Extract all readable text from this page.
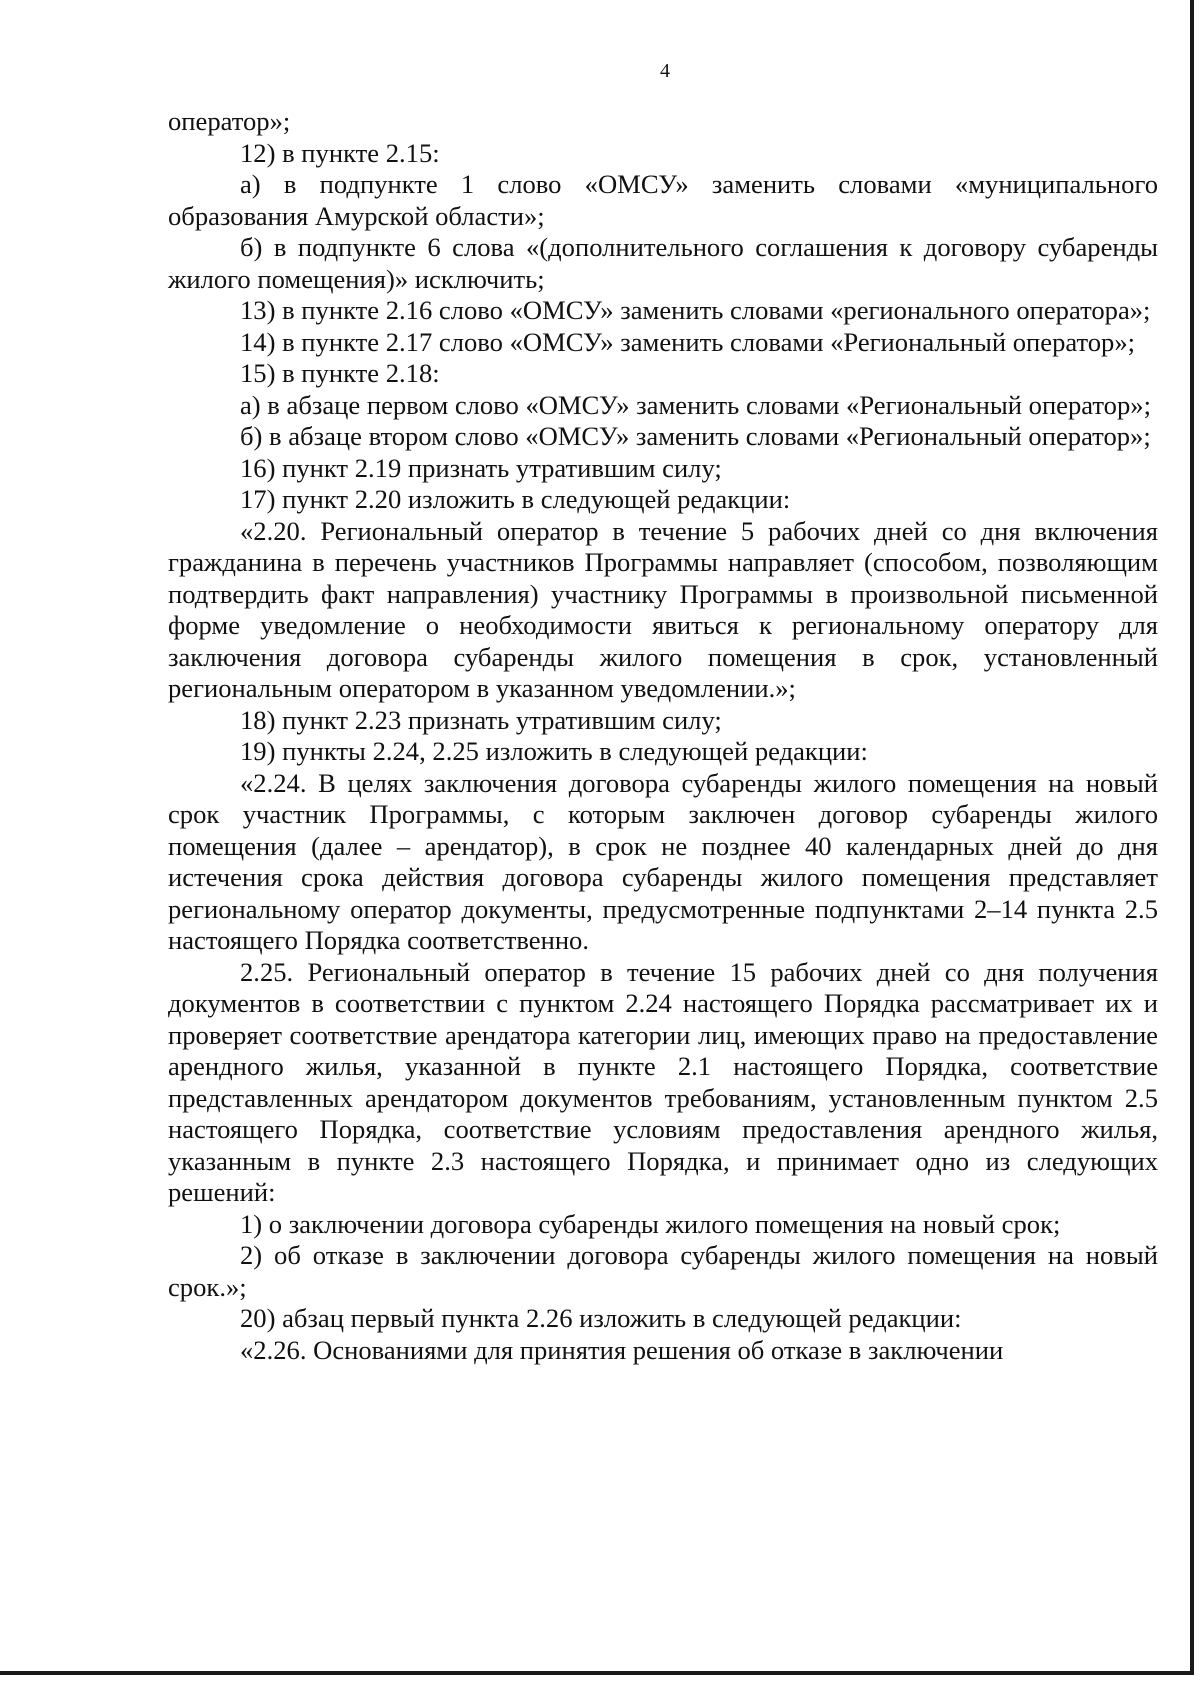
4

оператор»;

12) в пункте 2.15:

а) в подпункте 1 слово «ОМСУ» заменить словами «муниципального образования Амурской области»;

б) в подпункте 6 слова «(дополнительного соглашения к договору субаренды жилого помещения)» исключить;

13) в пункте 2.16 слово «ОМСУ» заменить словами «регионального оператора»;

14) в пункте 2.17 слово «ОМСУ» заменить словами «Региональный оператор»;

15) в пункте 2.18:

а) в абзаце первом слово «ОМСУ» заменить словами «Региональный оператор»;

б) в абзаце втором слово «ОМСУ» заменить словами «Региональный оператор»;

16) пункт 2.19 признать утратившим силу;

17) пункт 2.20 изложить в следующей редакции:

«2.20. Региональный оператор в течение 5 рабочих дней со дня включения гражданина в перечень участников Программы направляет (способом, позволяющим подтвердить факт направления) участнику Программы в произвольной письменной форме уведомление о необходимости явиться к региональному оператору для заключения договора субаренды жилого помещения в срок, установленный региональным оператором в указанном уведомлении.»;

18) пункт 2.23 признать утратившим силу;

19) пункты 2.24, 2.25 изложить в следующей редакции:

«2.24. В целях заключения договора субаренды жилого помещения на новый срок участник Программы, с которым заключен договор субаренды жилого помещения (далее – арендатор), в срок не позднее 40 календарных дней до дня истечения срока действия договора субаренды жилого помещения представляет региональному оператор документы, предусмотренные подпунктами 2–14 пункта 2.5 настоящего Порядка соответственно.

2.25. Региональный оператор в течение 15 рабочих дней со дня получения документов в соответствии с пунктом 2.24 настоящего Порядка рассматривает их и проверяет соответствие арендатора категории лиц, имеющих право на предоставление арендного жилья, указанной в пункте 2.1 настоящего Порядка, соответствие представленных арендатором документов требованиям, установленным пунктом 2.5 настоящего Порядка, соответствие условиям предоставления арендного жилья, указанным в пункте 2.3 настоящего Порядка, и принимает одно из следующих решений:

1) о заключении договора субаренды жилого помещения на новый срок;

2) об отказе в заключении договора субаренды жилого помещения на новый срок.»;

20) абзац первый пункта 2.26 изложить в следующей редакции:

«2.26. Основаниями для принятия решения об отказе в заключении
